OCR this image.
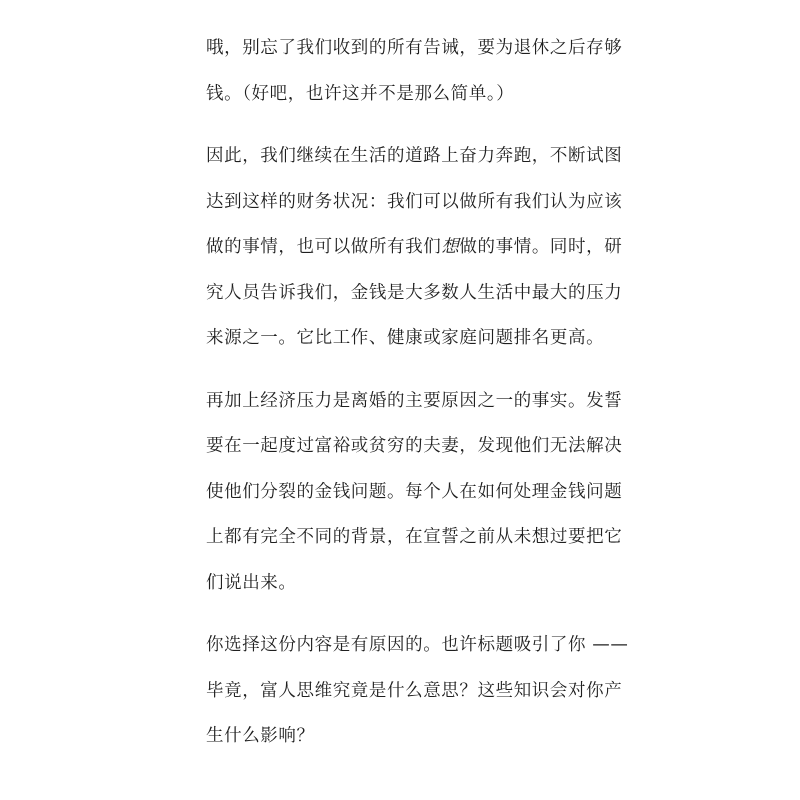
哦，别忘了我们收到的所有告诫，要为退休之后存够
钱。（好吧，也许这并不是那么简单。）
因此，我们继续在生活的道路上奋力奔跑，不断试图
达到这样的财务状况：我们可以做所有我们认为应该
做的事情，也可以做所有我们想做的事情。同时，研
究人员告诉我们，金钱是大多数人生活中最大的压力
来源之一。它比工作、健康或家庭问题排名更高。
再加上经济压力是离婚的主要原因之一的事实。发誓
要在一起度过富裕或贫穷的夫妻，发现他们无法解决
使他们分裂的金钱问题。每个人在如何处理金钱问题
上都有完全不同的背景，在宣誓之前从未想过要把它
们说出来。
你选择这份内容是有原因的。也许标题吸引了你 ——
毕竟，富人思维究竟是什么意思？这些知识会对你产
生什么影响？
